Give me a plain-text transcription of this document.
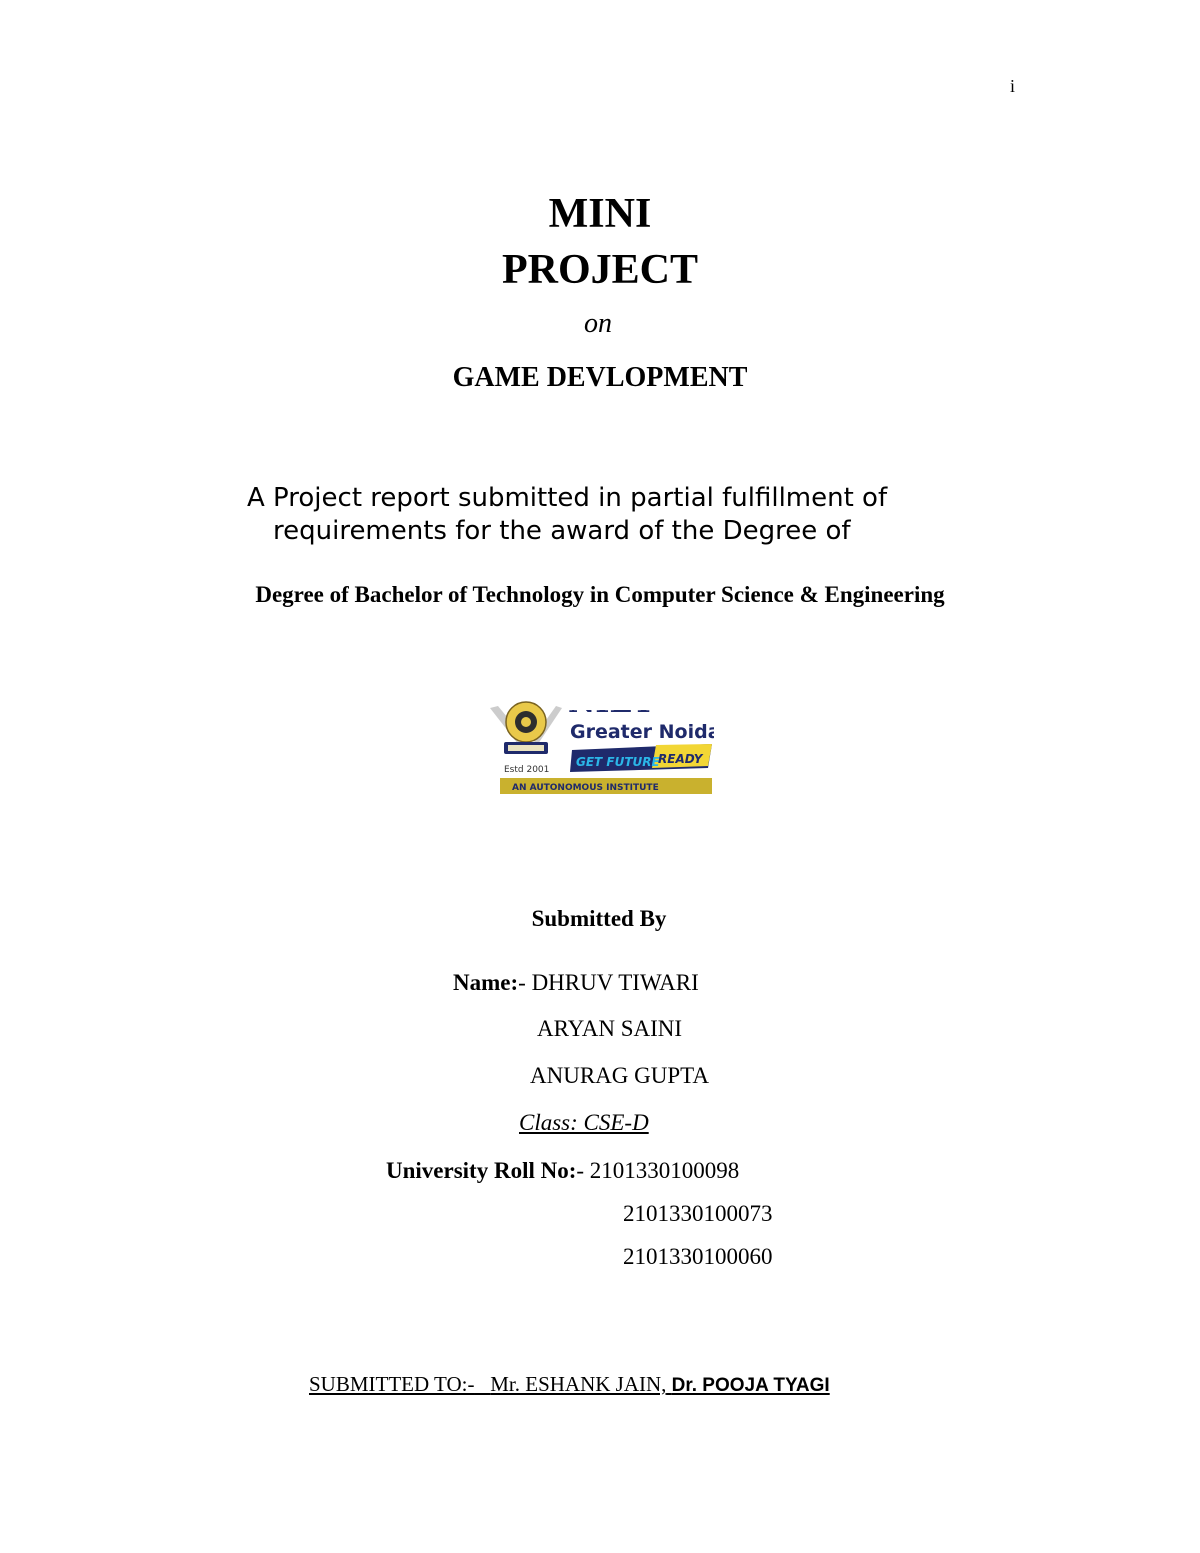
i
MINI
PROJECT
on
GAME DEVLOPMENT
A Project report submitted in partial fulfillment of
requirements for the award of the Degree of
Degree of Bachelor of Technology in Computer Science & Engineering
Estd 2001
Greater Noida
GET FUTURE
READY
AN AUTONOMOUS INSTITUTE
Submitted By
Name:- DHRUV TIWARI
ARYAN SAINI
ANURAG GUPTA
Class: CSE-D
University Roll No:- 2101330100098
2101330100073
2101330100060
SUBMITTED TO:- Mr. ESHANK JAIN, Dr. POOJA TYAGI
